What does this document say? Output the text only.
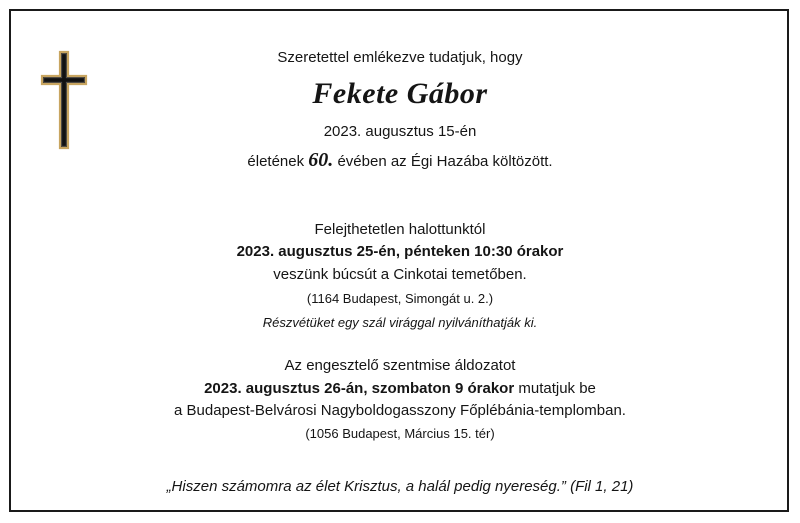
Szeretettel emlékezve tudatjuk, hogy
Fekete Gábor
2023. augusztus 15-én
életének 60. évében az Égi Hazába költözött.
Felejthetetlen halottunktól
2023. augusztus 25-én, pénteken 10:30 órakor
veszünk búcsút a Cinkotai temetőben.
(1164 Budapest, Simongát u. 2.)
Részvétüket egy szál virággal nyilváníthatják ki.
Az engesztelő szentmise áldozatot
2023. augusztus 26-án, szombaton 9 órakor mutatjuk be
a Budapest-Belvárosi Nagyboldogasszony Főplébánia-templomban.
(1056 Budapest, Március 15. tér)
„Hiszen számomra az élet Krisztus, a halál pedig nyereség.” (Fil 1, 21)
